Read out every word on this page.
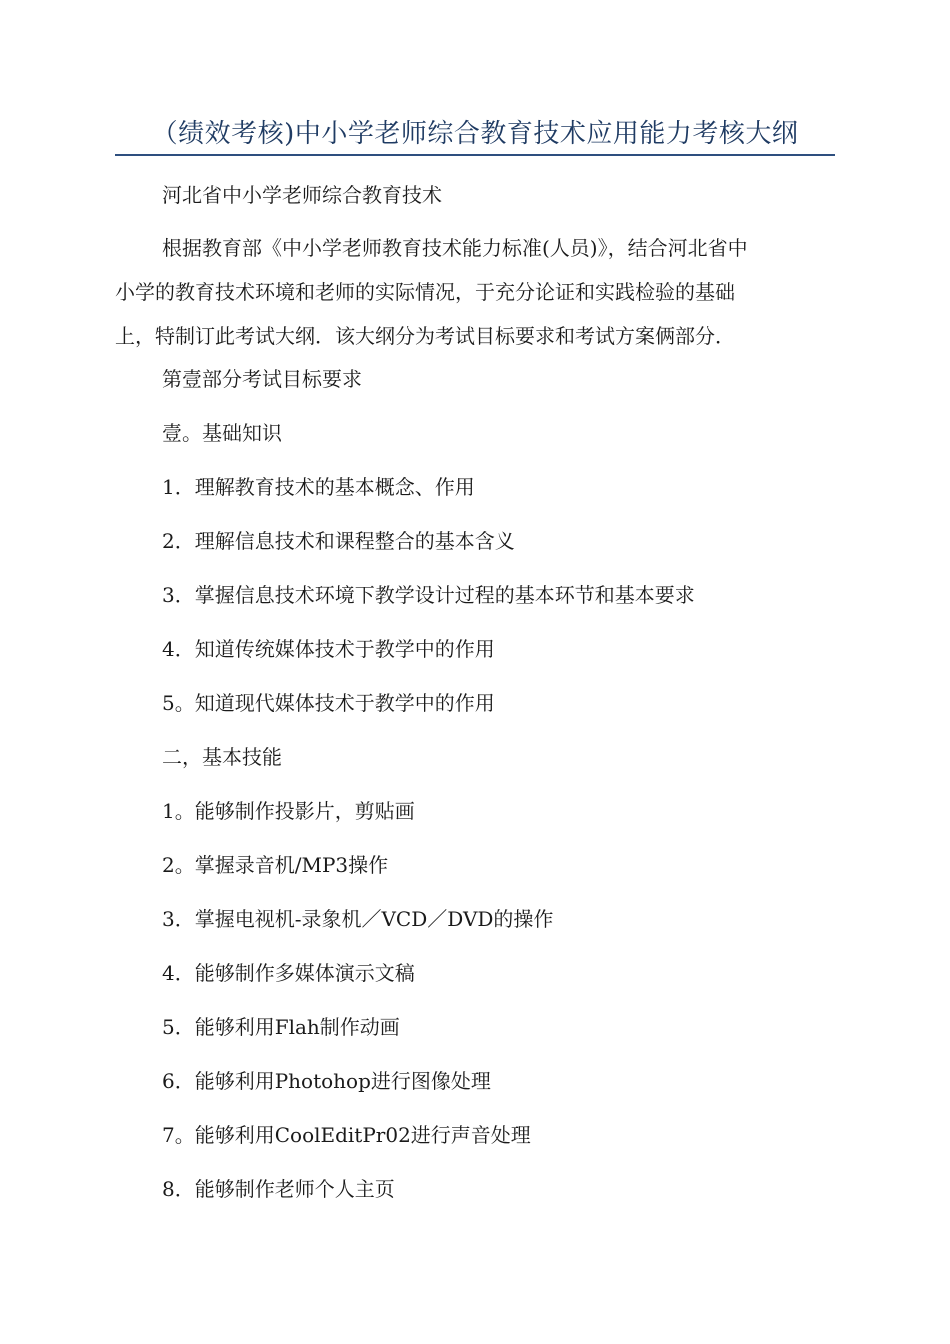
（绩效考核)中小学老师综合教育技术应用能力考核大纲
河北省中小学老师综合教育技术
根据教育部《中小学老师教育技术能力标准(人员)》，结合河北省中
小学的教育技术环境和老师的实际情况，于充分论证和实践检验的基础
上，特制订此考试大纲．该大纲分为考试目标要求和考试方案俩部分．
第壹部分考试目标要求
壹。基础知识
1．理解教育技术的基本概念、作用
2．理解信息技术和课程整合的基本含义
3．掌握信息技术环境下教学设计过程的基本环节和基本要求
4．知道传统媒体技术于教学中的作用
5。知道现代媒体技术于教学中的作用
二，基本技能
1。能够制作投影片，剪贴画
2。掌握录音机/MP3操作
3．掌握电视机-录象机／VCD／DVD的操作
4．能够制作多媒体演示文稿
5．能够利用Flah制作动画
6．能够利用Photohop进行图像处理
7。能够利用CoolEditPr02进行声音处理
8．能够制作老师个人主页
